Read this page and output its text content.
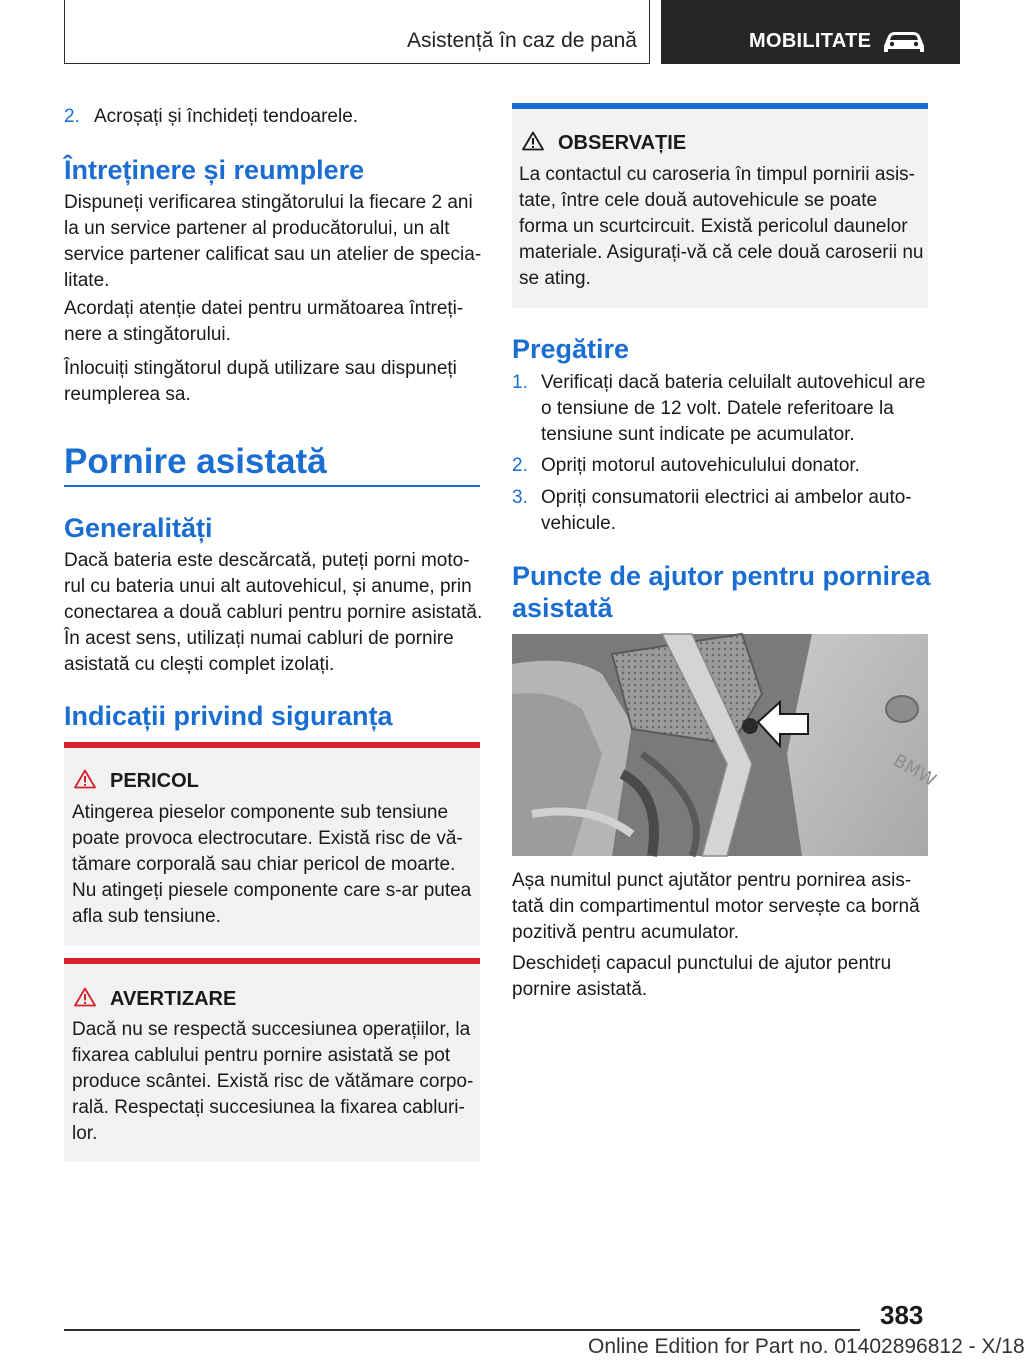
Asistență în caz de pană	MOBILITATE
2. Acroșați și închideți tendoarele.
Întreținere și reumplere
Dispuneți verificarea stingătorului la fiecare 2 ani
la un service partener al producătorului, un alt
service partener calificat sau un atelier de specia-
litate.
Acordați atenție datei pentru următoarea întreți-
nere a stingătorului.
Înlocuiți stingătorul după utilizare sau dispuneți
reumplerea sa.
Pornire asistată
Generalități
Dacă bateria este descărcată, puteți porni moto-
rul cu bateria unui alt autovehicul, și anume, prin
conectarea a două cabluri pentru pornire asistată.
În acest sens, utilizați numai cabluri de pornire
asistată cu clești complet izolați.
Indicații privind siguranța
PERICOL
Atingerea pieselor componente sub tensiune
poate provoca electrocutare. Există risc de vă-
tămare corporală sau chiar pericol de moarte.
Nu atingeți piesele componente care s-ar putea
afla sub tensiune.
AVERTIZARE
Dacă nu se respectă succesiunea operațiilor, la
fixarea cablului pentru pornire asistată se pot
produce scântei. Există risc de vătămare corpo-
rală. Respectați succesiunea la fixarea cabluri-
lor.
OBSERVAȚIE
La contactul cu caroseria în timpul pornirii asis-
tate, între cele două autovehicule se poate
forma un scurtcircuit. Există pericolul daunelor
materiale. Asigurați-vă că cele două caroserii nu
se ating.
Pregătire
1. Verificați dacă bateria celuilalt autovehicul are
o tensiune de 12 volt. Datele referitoare la
tensiune sunt indicate pe acumulator.
2. Opriți motorul autovehiculului donator.
3. Opriți consumatorii electrici ai ambelor auto-
vehicule.
Puncte de ajutor pentru pornirea
asistată
BMW
Așa numitul punct ajutător pentru pornirea asis-
tată din compartimentul motor servește ca bornă
pozitivă pentru acumulator.
Deschideți capacul punctului de ajutor pentru
pornire asistată.
383
Online Edition for Part no. 01402896812 - X/18
